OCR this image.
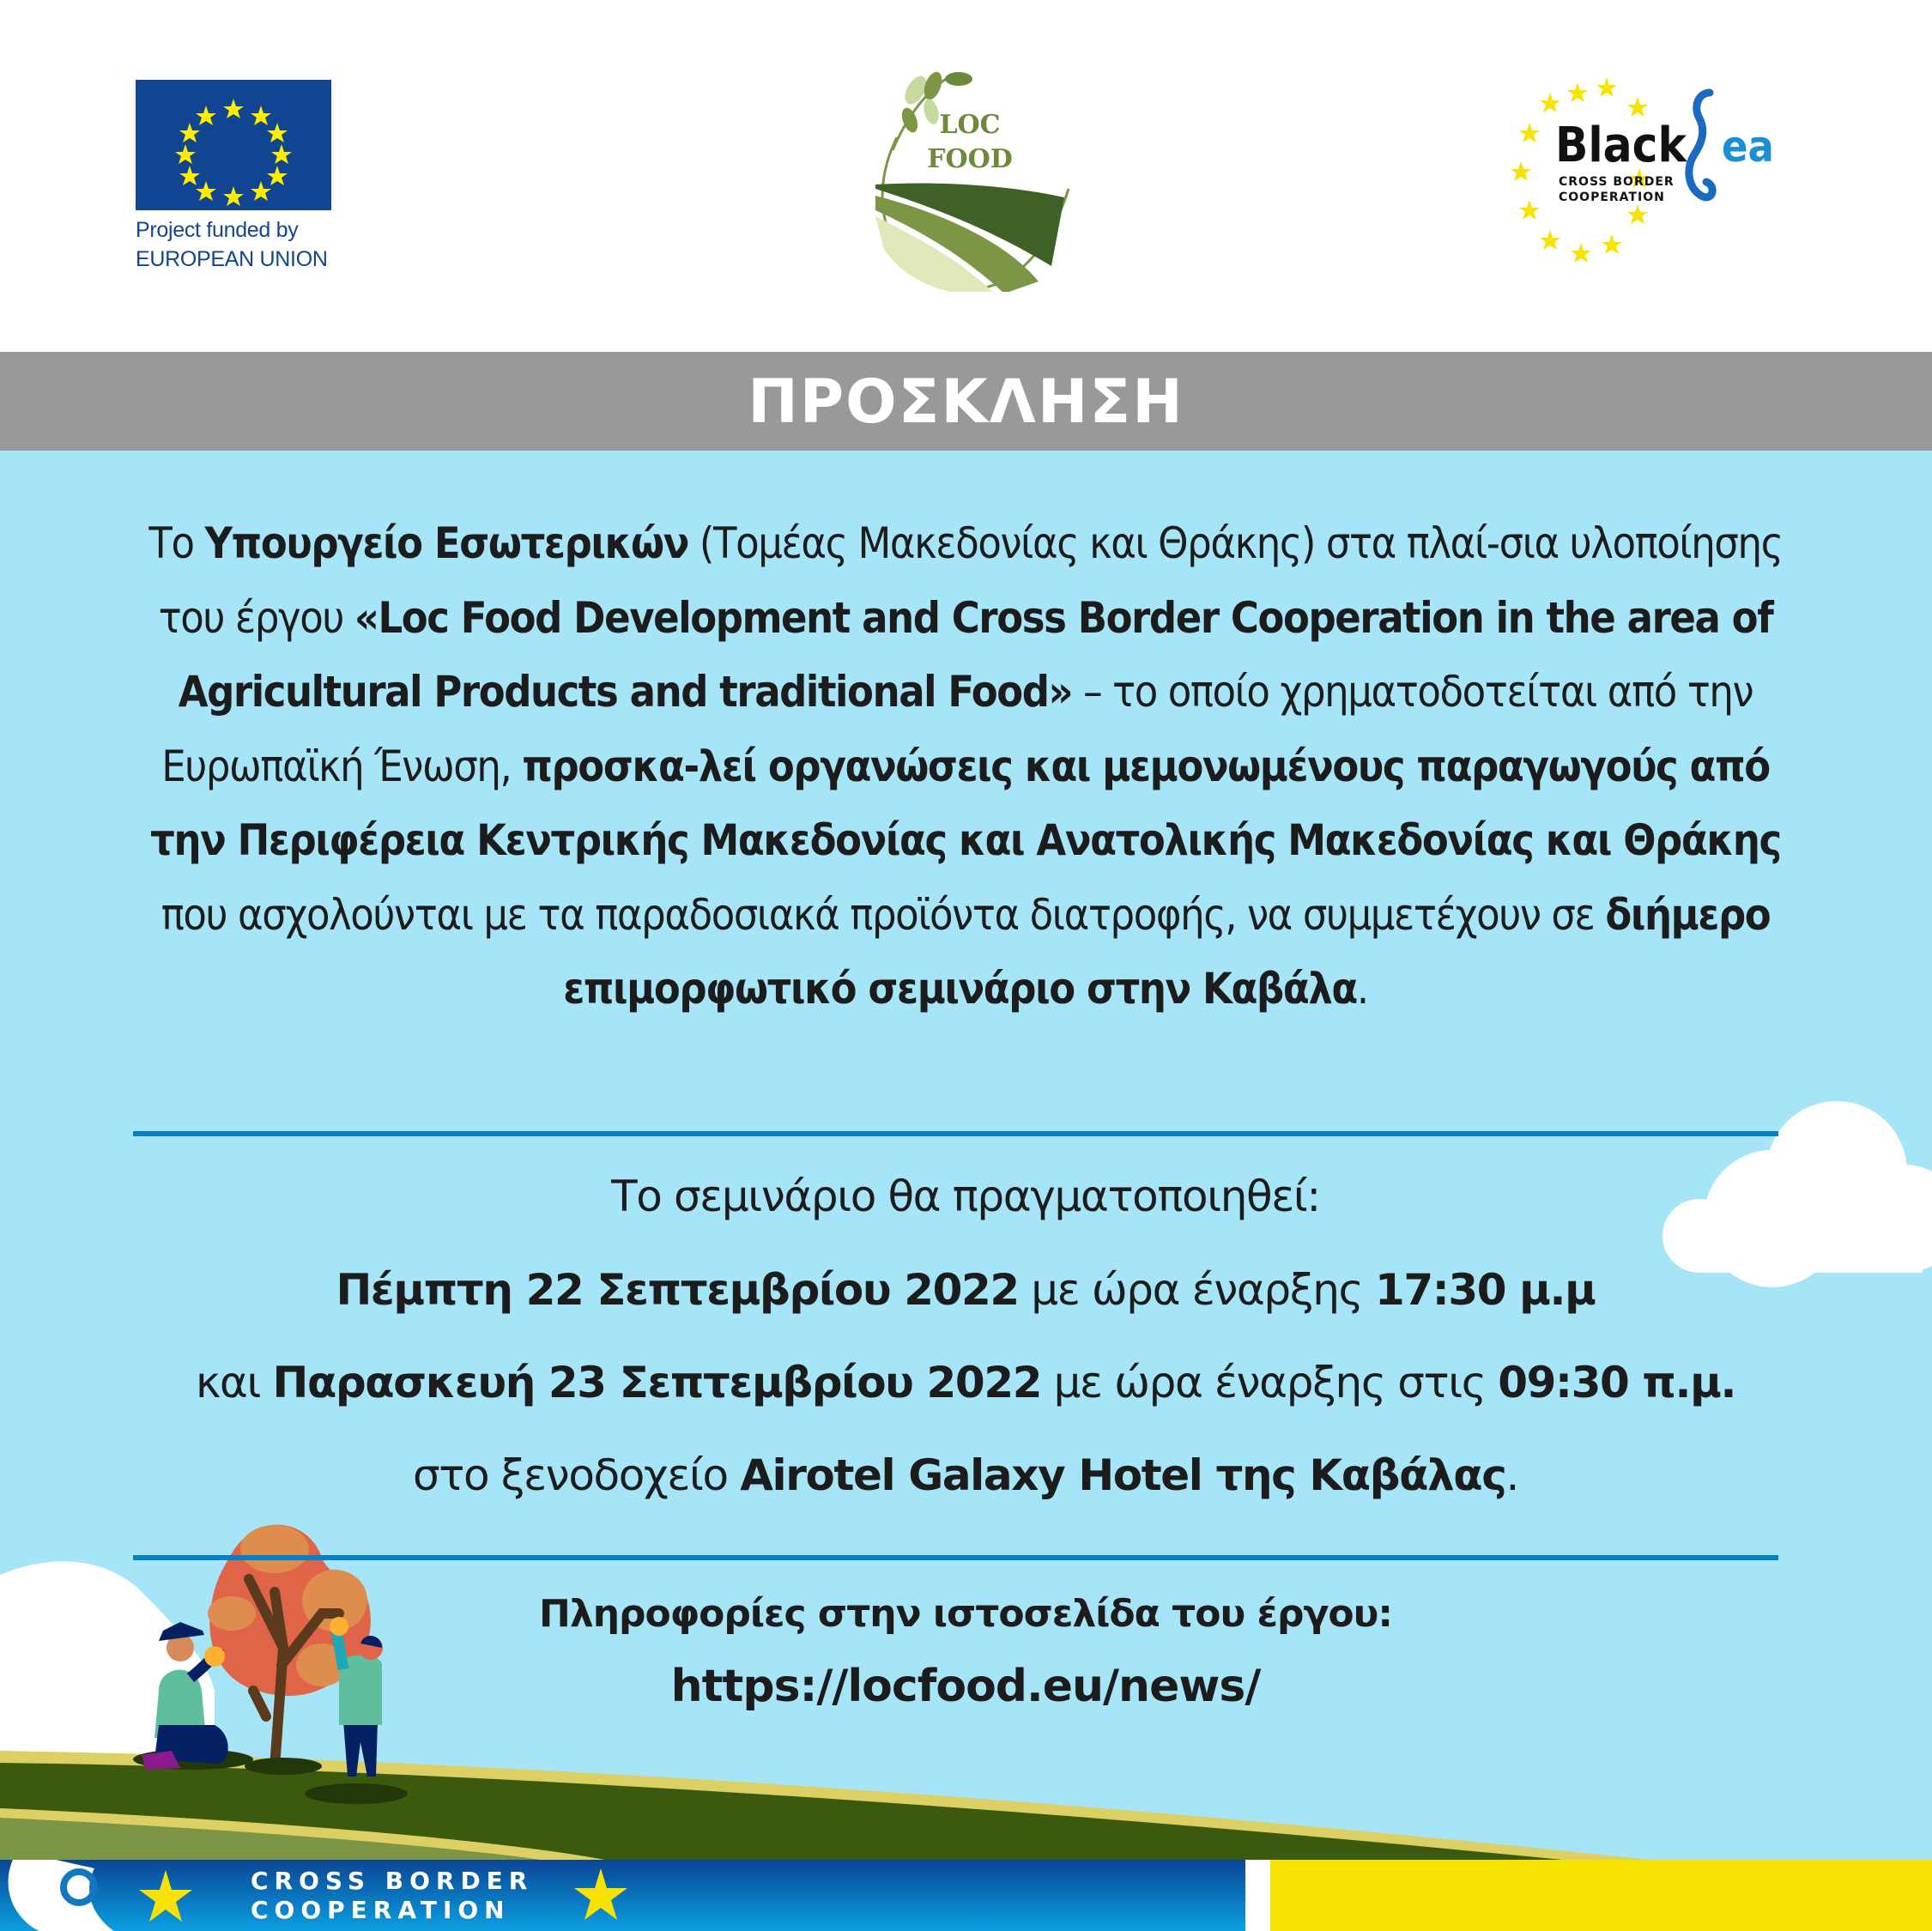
Project funded by
EUROPEAN UNION
LOC
FOOD	Black ea
CROSS BORDER
COOPERATION
ΠΡΟΣΚΛΗΣΗ
Το Υπουργείο Εσωτερικών (Τομέας Μακεδονίας και Θράκης) στα πλαί-σια υλοποίησης του έργου «Loc Food Development and Cross Border Cooperation in the area of Agricultural Products and traditional Food» – το οποίο χρηματοδοτείται από την Ευρωπαϊκή Ένωση, προσκα-λεί οργανώσεις και μεμονωμένους παραγωγούς από την Περιφέρεια Κεντρικής Μακεδονίας και Ανατολικής Μακεδονίας και Θράκης που ασχολούνται με τα παραδοσιακά προϊόντα διατροφής, να συμμετέχουν σε διήμερο επιμορφωτικό σεμινάριο στην Καβάλα.
Το σεμινάριο θα πραγματοποιηθεί:
Πέμπτη 22 Σεπτεμβρίου 2022 με ώρα έναρξης 17:30 μ.μ
και Παρασκευή 23 Σεπτεμβρίου 2022 με ώρα έναρξης στις 09:30 π.μ.
στο ξενοδοχείο Airotel Galaxy Hotel της Καβάλας.
Πληροφορίες στην ιστοσελίδα του έργου:
https://locfood.eu/news/
CROSS BORDER
COOPERATION
